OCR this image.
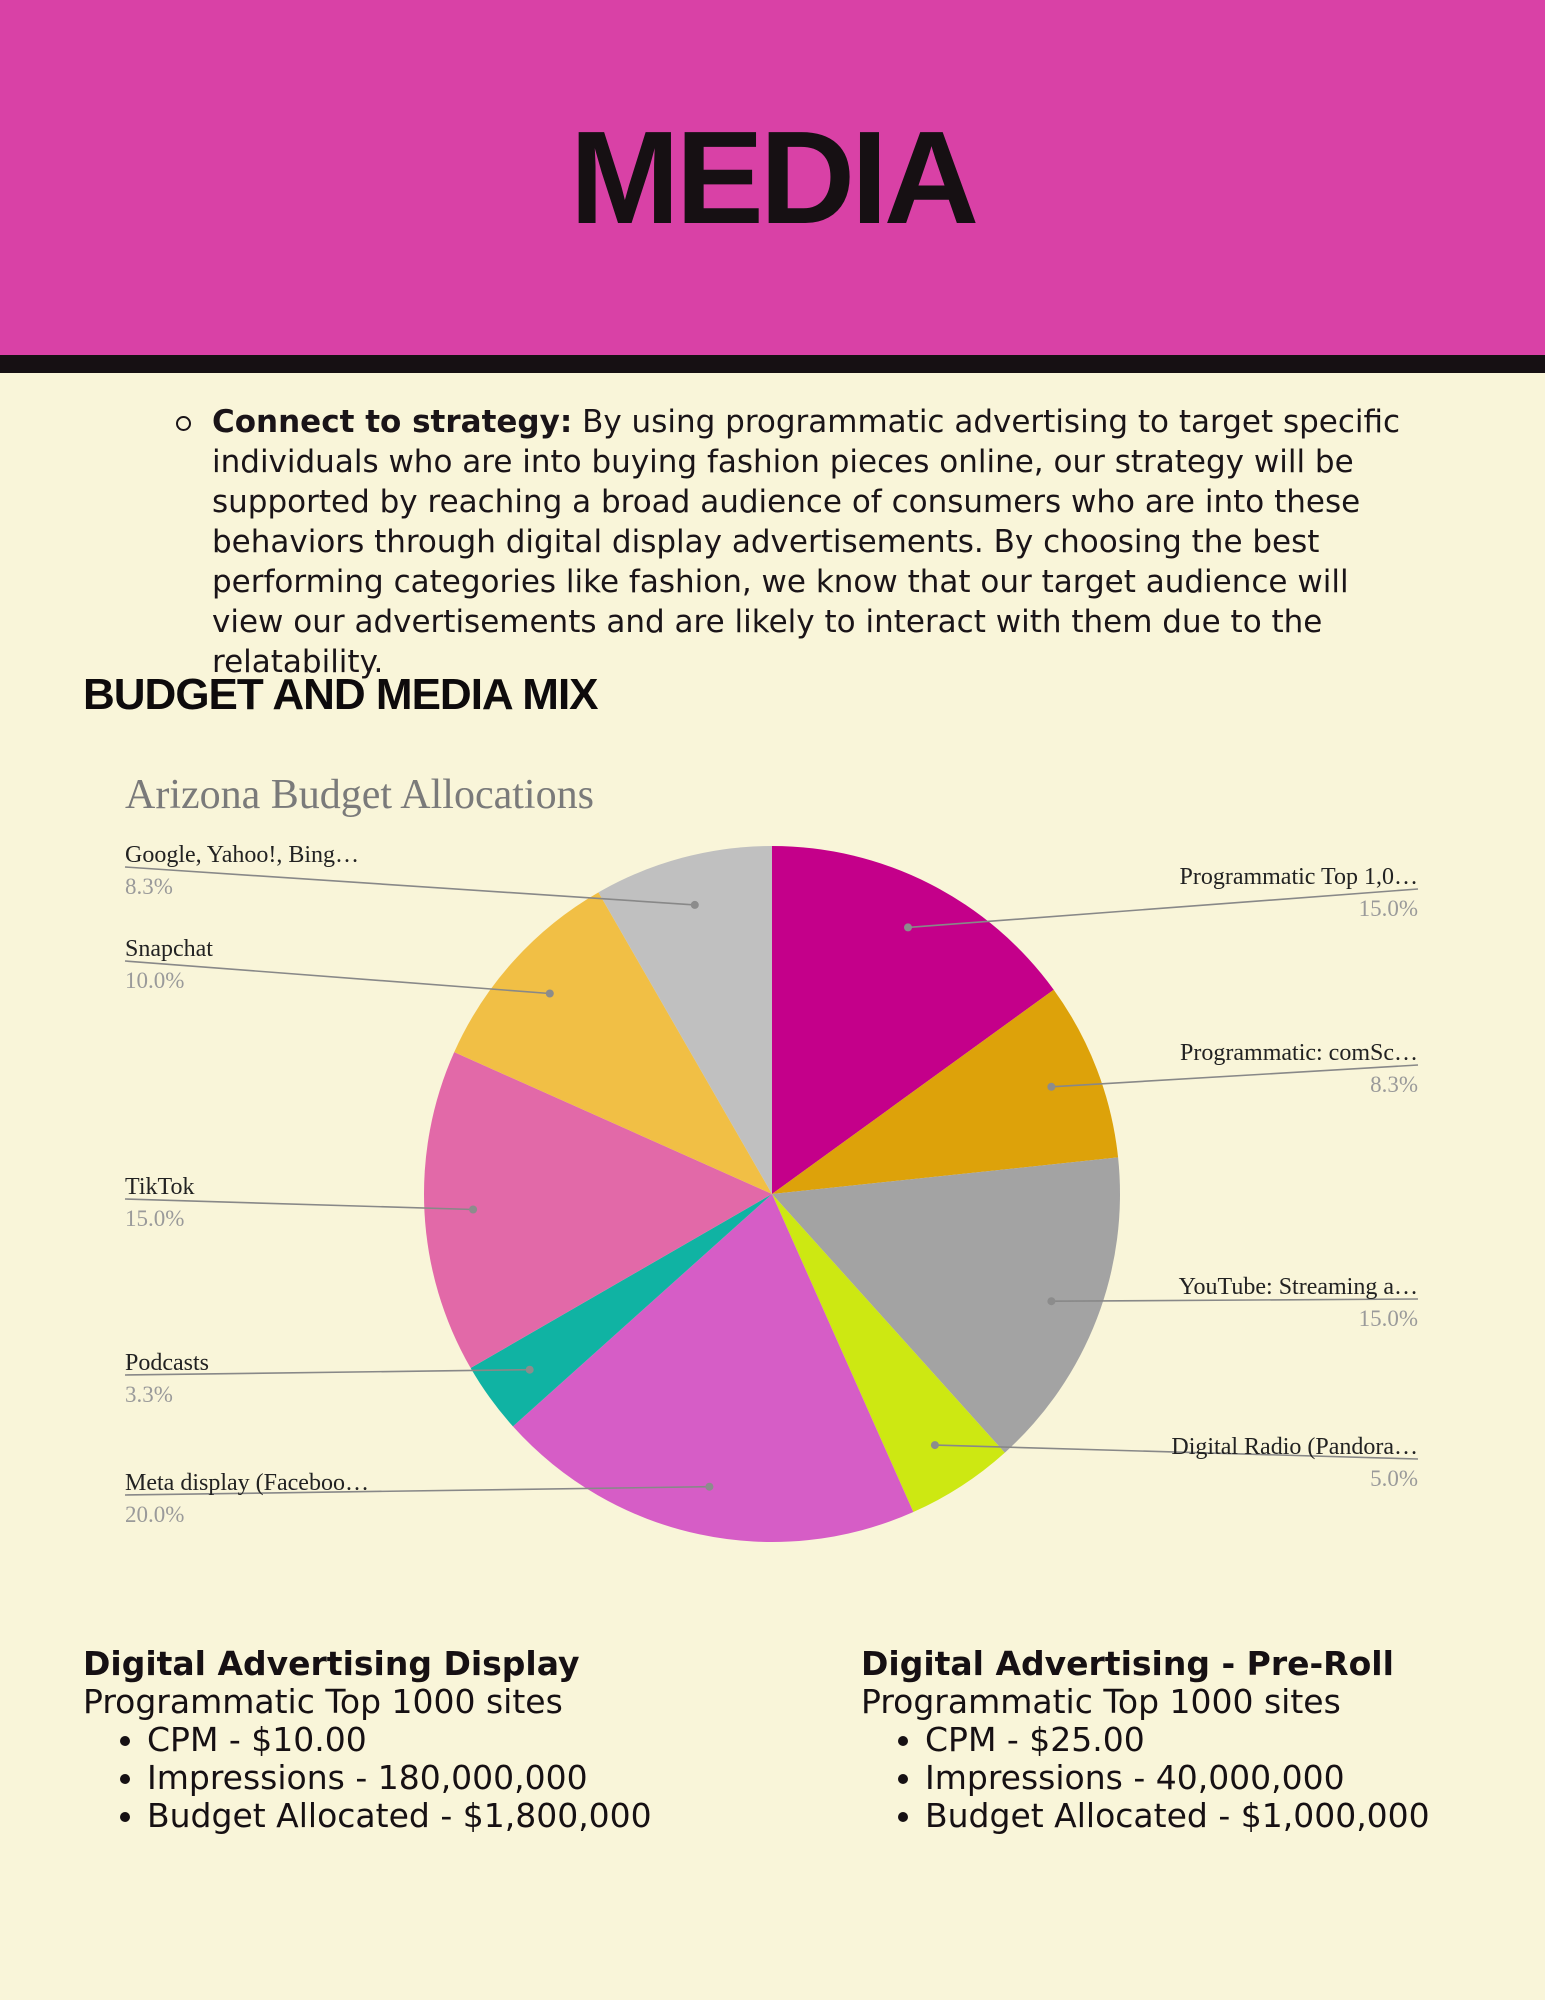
MEDIA
Connect to strategy: By using programmatic advertising to target specific individuals who are into buying fashion pieces online, our strategy will be supported by reaching a broad audience of consumers who are into these behaviors through digital display advertisements. By choosing the best performing categories like fashion, we know that our target audience will view our advertisements and are likely to interact with them due to the relatability.
BUDGET AND MEDIA MIX
Arizona Budget Allocations
Programmatic Top 1,0…
15.0%
Programmatic: comSc…
8.3%
YouTube: Streaming a…
15.0%
Digital Radio (Pandora…
5.0%
Meta display (Faceboo…
20.0%
Podcasts
3.3%
TikTok
15.0%
Snapchat
10.0%
Google, Yahoo!, Bing…
8.3%
Digital Advertising Display
Programmatic Top 1000 sites
• CPM - $10.00
• Impressions - 180,000,000
• Budget Allocated - $1,800,000
Digital Advertising - Pre-Roll
Programmatic Top 1000 sites
• CPM - $25.00
• Impressions - 40,000,000
• Budget Allocated - $1,000,000
